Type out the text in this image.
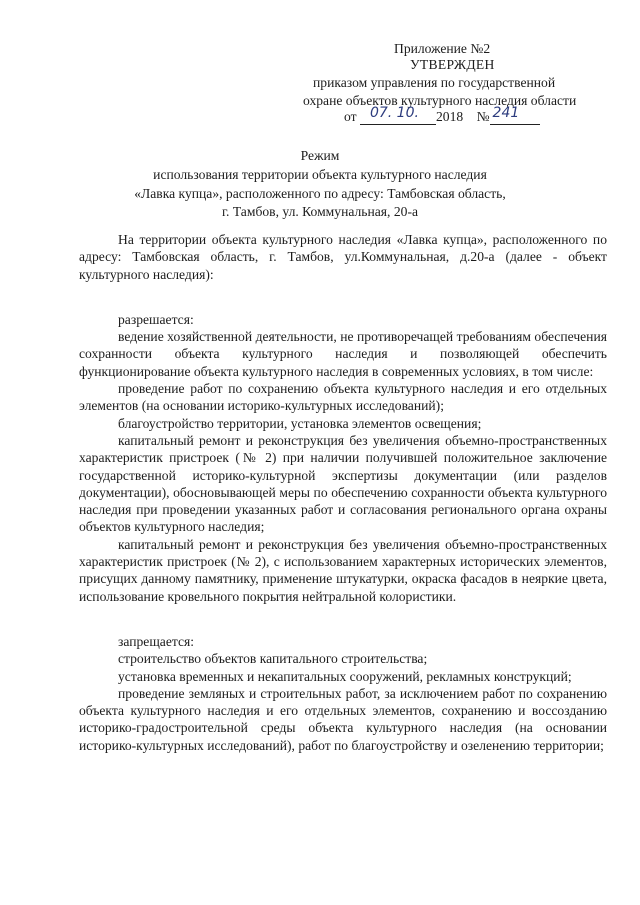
Приложение №2
УТВЕРЖДЕН
приказом управления по государственной
охране объектов культурного наследия области
от 07. 10. 2018 № 241
Режим
использования территории объекта культурного наследия
«Лавка купца», расположенного по адресу: Тамбовская область,
г. Тамбов, ул. Коммунальная, 20-а

На территории объекта культурного наследия «Лавка купца», расположенного по адресу: Тамбовская область, г. Тамбов, ул.Коммунальная, д.20-а (далее - объект культурного наследия):

разрешается:

ведение хозяйственной деятельности, не противоречащей требованиям обеспечения сохранности объекта культурного наследия и позволяющей обеспечить функционирование объекта культурного наследия в современных условиях, в том числе:

проведение работ по сохранению объекта культурного наследия и его отдельных элементов (на основании историко-культурных исследований);

благоустройство территории, установка элементов освещения;

капитальный ремонт и реконструкция без увеличения объемно-пространственных характеристик пристроек (№ 2) при наличии получившей положительное заключение государственной историко-культурной экспертизы документации (или разделов документации), обосновывающей меры по обеспечению сохранности объекта культурного наследия при проведении указанных работ и согласования регионального органа охраны объектов культурного наследия;

капитальный ремонт и реконструкция без увеличения объемно-пространственных характеристик пристроек (№ 2), с использованием характерных исторических элементов, присущих данному памятнику, применение штукатурки, окраска фасадов в неяркие цвета, использование кровельного покрытия нейтральной колористики.

запрещается:

строительство объектов капитального строительства;

установка временных и некапитальных сооружений, рекламных конструкций;

проведение земляных и строительных работ, за исключением работ по сохранению объекта культурного наследия и его отдельных элементов, сохранению и воссозданию историко-градостроительной среды объекта культурного наследия (на основании историко-культурных исследований), работ по благоустройству и озеленению территории;
